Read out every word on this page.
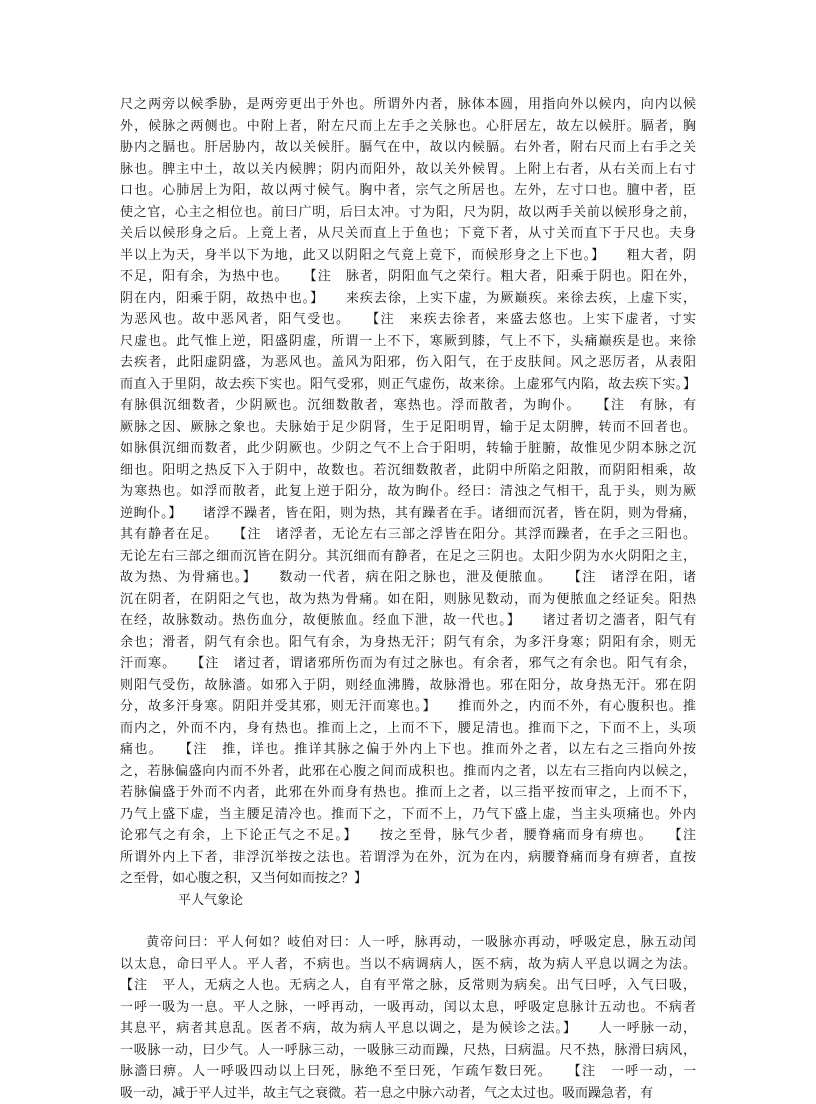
尺之两旁以候季胁，是两旁更出于外也。所谓外内者，脉体本圆，用指向外以候内，向内以候
外，候脉之两侧也。中附上者，附左尺而上左手之关脉也。心肝居左，故左以候肝。膈者，胸
胁内之膈也。肝居胁内，故以关候肝。膈气在中，故以内候膈。右外者，附右尺而上右手之关
脉也。脾主中土，故以关内候脾；阴内而阳外，故以关外候胃。上附上右者，从右关而上右寸
口也。心肺居上为阳，故以两寸候气。胸中者，宗气之所居也。左外，左寸口也。膻中者，臣
使之官，心主之相位也。前曰广明，后曰太冲。寸为阳，尺为阴，故以两手关前以候形身之前，
关后以候形身之后。上竟上者，从尺关而直上于鱼也；下竟下者，从寸关而直下于尺也。夫身
半以上为天，身半以下为地，此又以阴阳之气竟上竟下，而候形身之上下也。】　　粗大者，阴
不足，阳有余，为热中也。　　【注　脉者，阴阳血气之荣行。粗大者，阳乘于阴也。阳在外，
阴在内，阳乘于阴，故热中也。】　　来疾去徐，上实下虚，为厥巅疾。来徐去疾，上虚下实，
为恶风也。故中恶风者，阳气受也。　　【注　来疾去徐者，来盛去悠也。上实下虚者，寸实
尺虚也。此气惟上逆，阳盛阴虚，所谓一上不下，寒厥到膝，气上不下，头痛巅疾是也。来徐
去疾者，此阳虚阴盛，为恶风也。盖风为阳邪，伤入阳气，在于皮肤间。风之恶厉者，从表阳
而直入于里阴，故去疾下实也。阳气受邪，则正气虚伤，故来徐。上虚邪气内陷，故去疾下实。】
有脉俱沉细数者，少阴厥也。沉细数散者，寒热也。浮而散者，为眴仆。　　【注　有脉，有
厥脉之因、厥脉之象也。夫脉始于足少阴肾，生于足阳明胃，输于足太阴脾，转而不回者也。
如脉俱沉细而数者，此少阴厥也。少阴之气不上合于阳明，转输于脏腑，故惟见少阴本脉之沉
细也。阳明之热反下入于阴中，故数也。若沉细数散者，此阴中所陷之阳散，而阴阳相乘，故
为寒热也。如浮而散者，此复上逆于阳分，故为眴仆。经曰：清浊之气相干，乱于头，则为厥
逆眴仆。】　　诸浮不躁者，皆在阳，则为热，其有躁者在手。诸细而沉者，皆在阴，则为骨痛，
其有静者在足。　　【注　诸浮者，无论左右三部之浮皆在阳分。其浮而躁者，在手之三阳也。
无论左右三部之细而沉皆在阴分。其沉细而有静者，在足之三阴也。太阳少阴为水火阴阳之主，
故为热、为骨痛也。】　　数动一代者，病在阳之脉也，泄及便脓血。　　【注　诸浮在阳，诸
沉在阴者，在阴阳之气也，故为热为骨痛。如在阳，则脉见数动，而为便脓血之经证矣。阳热
在经，故脉数动。热伤血分，故便脓血。经血下泄，故一代也。】　　诸过者切之濇者，阳气有
余也；滑者，阴气有余也。阳气有余，为身热无汗；阴气有余，为多汗身寒；阴阳有余，则无
汗而寒。　　【注　诸过者，谓诸邪所伤而为有过之脉也。有余者，邪气之有余也。阳气有余，
则阳气受伤，故脉濇。如邪入于阴，则经血沸腾，故脉滑也。邪在阳分，故身热无汗。邪在阴
分，故多汗身寒。阴阳并受其邪，则无汗而寒也。】　　推而外之，内而不外，有心腹积也。推
而内之，外而不内，身有热也。推而上之，上而不下，腰足清也。推而下之，下而不上，头项
痛也。　　【注　推，详也。推详其脉之偏于外内上下也。推而外之者，以左右之三指向外按
之，若脉偏盛向内而不外者，此邪在心腹之间而成积也。推而内之者，以左右三指向内以候之，
若脉偏盛于外而不内者，此邪在外而身有热也。推而上之者，以三指平按而审之，上而不下，
乃气上盛下虚，当主腰足清冷也。推而下之，下而不上，乃气下盛上虚，当主头项痛也。外内
论邪气之有余，上下论正气之不足。】　　按之至骨，脉气少者，腰脊痛而身有痹也。　　【注
所谓外内上下者，非浮沉举按之法也。若谓浮为在外，沉为在内，病腰脊痛而身有痹者，直按
之至骨，如心腹之积，又当何如而按之？】
平人气象论
黄帝问曰：平人何如？岐伯对曰：人一呼，脉再动，一吸脉亦再动，呼吸定息，脉五动闰
以太息，命曰平人。平人者，不病也。当以不病调病人，医不病，故为病人平息以调之为法。
【注　平人，无病之人也。无病之人，自有平常之脉，反常则为病矣。出气曰呼，入气曰吸，
一呼一吸为一息。平人之脉，一呼再动，一吸再动，闰以太息，呼吸定息脉计五动也。不病者
其息平，病者其息乱。医者不病，故为病人平息以调之，是为候诊之法。】　　人一呼脉一动，
一吸脉一动，曰少气。人一呼脉三动，一吸脉三动而躁，尺热，曰病温。尺不热，脉滑曰病风，
脉濇曰痹。人一呼吸四动以上曰死，脉绝不至曰死，乍疏乍数曰死。　　【注　一呼一动，一
吸一动，减于平人过半，故主气之衰微。若一息之中脉六动者，气之太过也。吸而躁急者，有
